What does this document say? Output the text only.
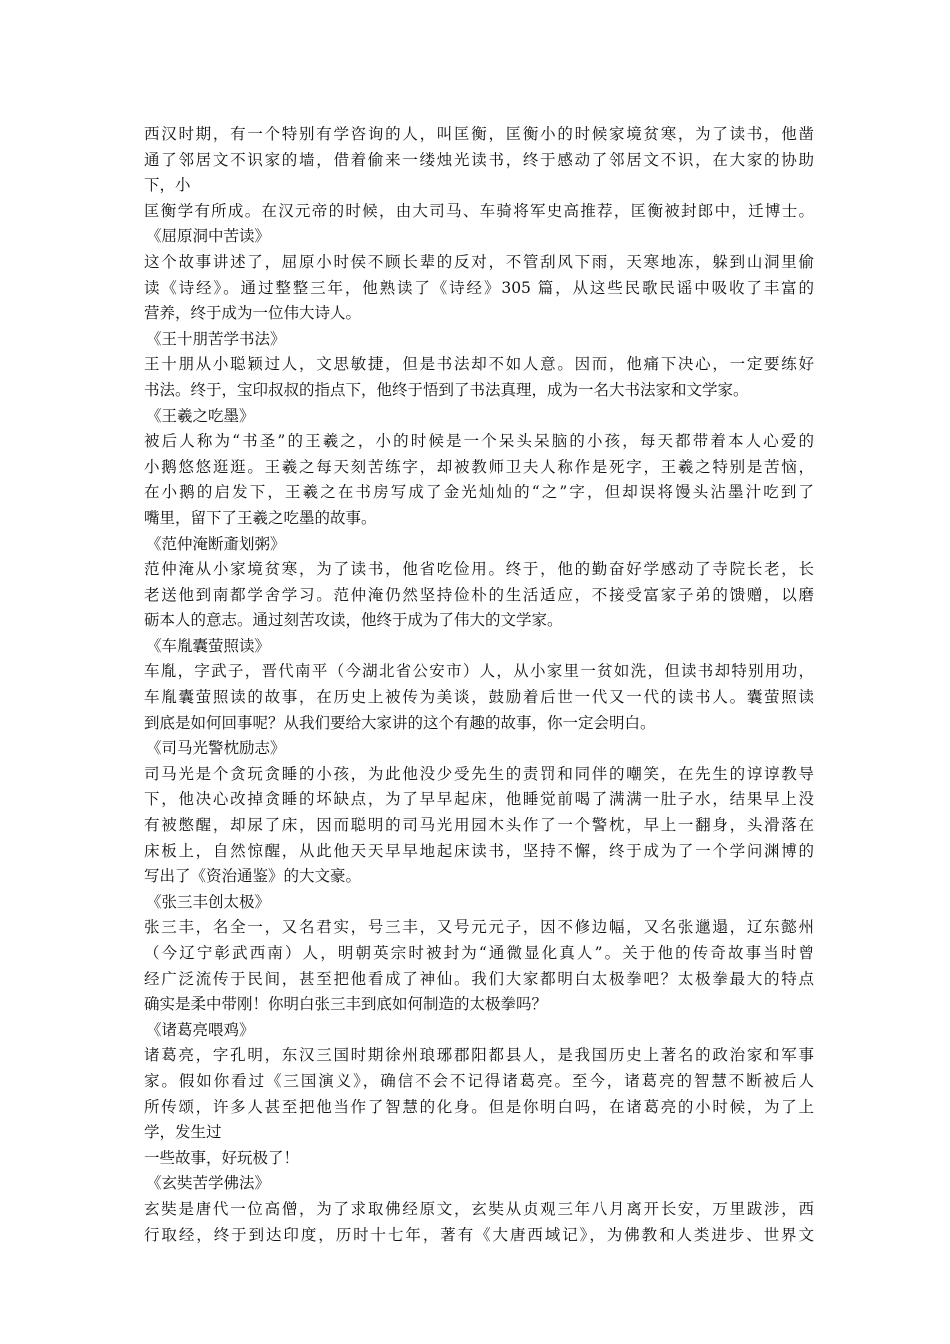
西汉时期，有一个特别有学咨询的人，叫匡衡，匡衡小的时候家境贫寒，为了读书，他凿
通了邻居文不识家的墙，借着偷来一缕烛光读书，终于感动了邻居文不识，在大家的协助
下，小
匡衡学有所成。在汉元帝的时候，由大司马、车骑将军史高推荐，匡衡被封郎中，迁博士。
《屈原洞中苦读》
这个故事讲述了，屈原小时侯不顾长辈的反对，不管刮风下雨，天寒地冻，躲到山洞里偷
读《诗经》。通过整整三年，他熟读了《诗经》305 篇，从这些民歌民谣中吸收了丰富的
营养，终于成为一位伟大诗人。
《王十朋苦学书法》
王十朋从小聪颖过人，文思敏捷，但是书法却不如人意。因而，他痛下决心，一定要练好
书法。终于，宝印叔叔的指点下，他终于悟到了书法真理，成为一名大书法家和文学家。
《王羲之吃墨》
被后人称为“书圣”的王羲之，小的时候是一个呆头呆脑的小孩，每天都带着本人心爱的
小鹅悠悠逛逛。王羲之每天刻苦练字，却被教师卫夫人称作是死字，王羲之特别是苦恼，
在小鹅的启发下，王羲之在书房写成了金光灿灿的“之”字，但却误将馒头沾墨汁吃到了
嘴里，留下了王羲之吃墨的故事。
《范仲淹断齑划粥》
范仲淹从小家境贫寒，为了读书，他省吃俭用。终于，他的勤奋好学感动了寺院长老，长
老送他到南都学舍学习。范仲淹仍然坚持俭朴的生活适应，不接受富家子弟的馈赠，以磨
砺本人的意志。通过刻苦攻读，他终于成为了伟大的文学家。
《车胤囊萤照读》
车胤，字武子，晋代南平（今湖北省公安市）人，从小家里一贫如洗，但读书却特别用功，
车胤囊萤照读的故事，在历史上被传为美谈，鼓励着后世一代又一代的读书人。囊萤照读
到底是如何回事呢？从我们要给大家讲的这个有趣的故事，你一定会明白。
《司马光警枕励志》
司马光是个贪玩贪睡的小孩，为此他没少受先生的责罚和同伴的嘲笑，在先生的谆谆教导
下，他决心改掉贪睡的坏缺点，为了早早起床，他睡觉前喝了满满一肚子水，结果早上没
有被憋醒，却尿了床，因而聪明的司马光用园木头作了一个警枕，早上一翻身，头滑落在
床板上，自然惊醒，从此他天天早早地起床读书，坚持不懈，终于成为了一个学问渊博的
写出了《资治通鉴》的大文豪。
《张三丰创太极》
张三丰，名全一，又名君实，号三丰，又号元元子，因不修边幅，又名张邋遢，辽东懿州
（今辽宁彰武西南）人，明朝英宗时被封为“通微显化真人”。关于他的传奇故事当时曾
经广泛流传于民间，甚至把他看成了神仙。我们大家都明白太极拳吧？太极拳最大的特点
确实是柔中带刚！你明白张三丰到底如何制造的太极拳吗？
《诸葛亮喂鸡》
诸葛亮，字孔明，东汉三国时期徐州琅琊郡阳都县人，是我国历史上著名的政治家和军事
家。假如你看过《三国演义》，确信不会不记得诸葛亮。至今，诸葛亮的智慧不断被后人
所传颂，许多人甚至把他当作了智慧的化身。但是你明白吗，在诸葛亮的小时候，为了上
学，发生过
一些故事，好玩极了！
《玄奘苦学佛法》
玄奘是唐代一位高僧，为了求取佛经原文，玄奘从贞观三年八月离开长安，万里跋涉，西
行取经，终于到达印度，历时十七年，著有《大唐西域记》，为佛教和人类进步、世界文
